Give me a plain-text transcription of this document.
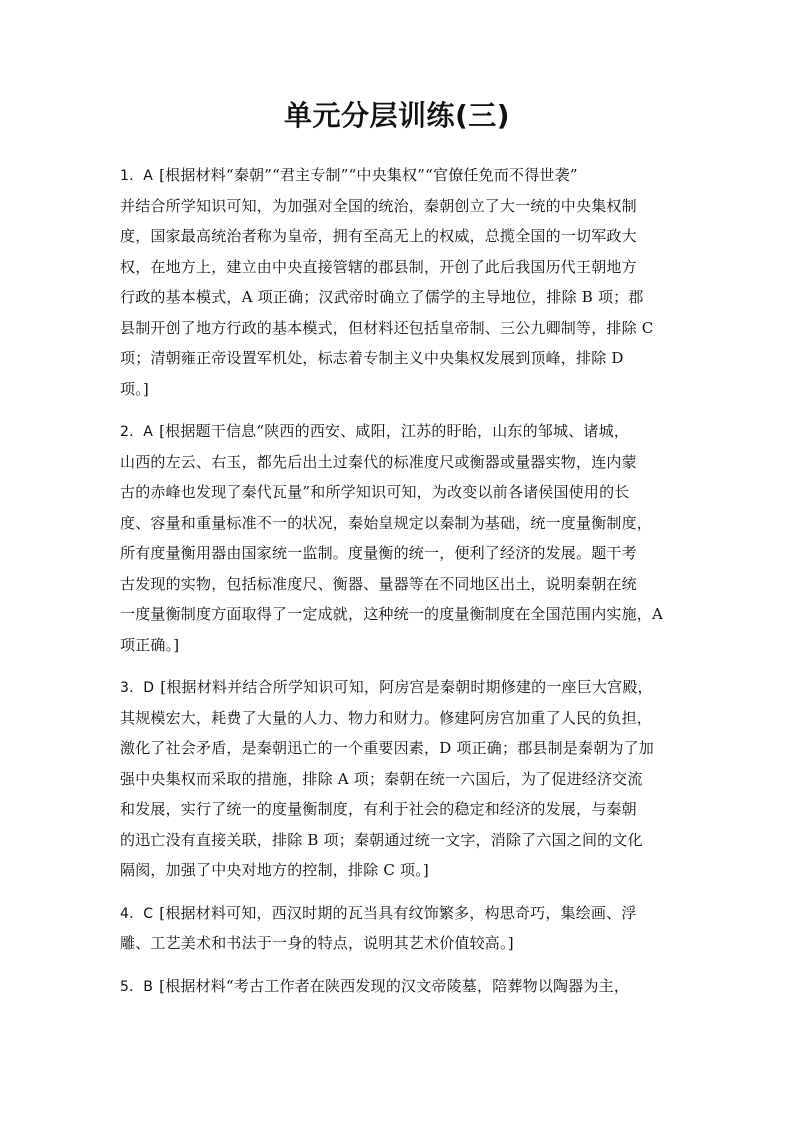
单元分层训练(三)
1．A [根据材料“秦朝”“君主专制”“中央集权”“官僚任免而不得世袭”
并结合所学知识可知，为加强对全国的统治，秦朝创立了大一统的中央集权制
度，国家最高统治者称为皇帝，拥有至高无上的权威，总揽全国的一切军政大
权，在地方上，建立由中央直接管辖的郡县制，开创了此后我国历代王朝地方
行政的基本模式，A 项正确；汉武帝时确立了儒学的主导地位，排除 B 项；郡
县制开创了地方行政的基本模式，但材料还包括皇帝制、三公九卿制等，排除 C
项；清朝雍正帝设置军机处，标志着专制主义中央集权发展到顶峰，排除 D
项。]
2．A [根据题干信息“陕西的西安、咸阳，江苏的盱眙，山东的邹城、诸城，
山西的左云、右玉，都先后出土过秦代的标准度尺或衡器或量器实物，连内蒙
古的赤峰也发现了秦代瓦量”和所学知识可知，为改变以前各诸侯国使用的长
度、容量和重量标准不一的状况，秦始皇规定以秦制为基础，统一度量衡制度，
所有度量衡用器由国家统一监制。度量衡的统一，便利了经济的发展。题干考
古发现的实物，包括标准度尺、衡器、量器等在不同地区出土，说明秦朝在统
一度量衡制度方面取得了一定成就，这种统一的度量衡制度在全国范围内实施，A
项正确。]
3．D [根据材料并结合所学知识可知，阿房宫是秦朝时期修建的一座巨大宫殿，
其规模宏大，耗费了大量的人力、物力和财力。修建阿房宫加重了人民的负担，
激化了社会矛盾，是秦朝迅亡的一个重要因素，D 项正确；郡县制是秦朝为了加
强中央集权而采取的措施，排除 A 项；秦朝在统一六国后，为了促进经济交流
和发展，实行了统一的度量衡制度，有利于社会的稳定和经济的发展，与秦朝
的迅亡没有直接关联，排除 B 项；秦朝通过统一文字，消除了六国之间的文化
隔阂，加强了中央对地方的控制，排除 C 项。]
4．C [根据材料可知，西汉时期的瓦当具有纹饰繁多，构思奇巧，集绘画、浮
雕、工艺美术和书法于一身的特点，说明其艺术价值较高。]
5．B [根据材料“考古工作者在陕西发现的汉文帝陵墓，陪葬物以陶器为主，
